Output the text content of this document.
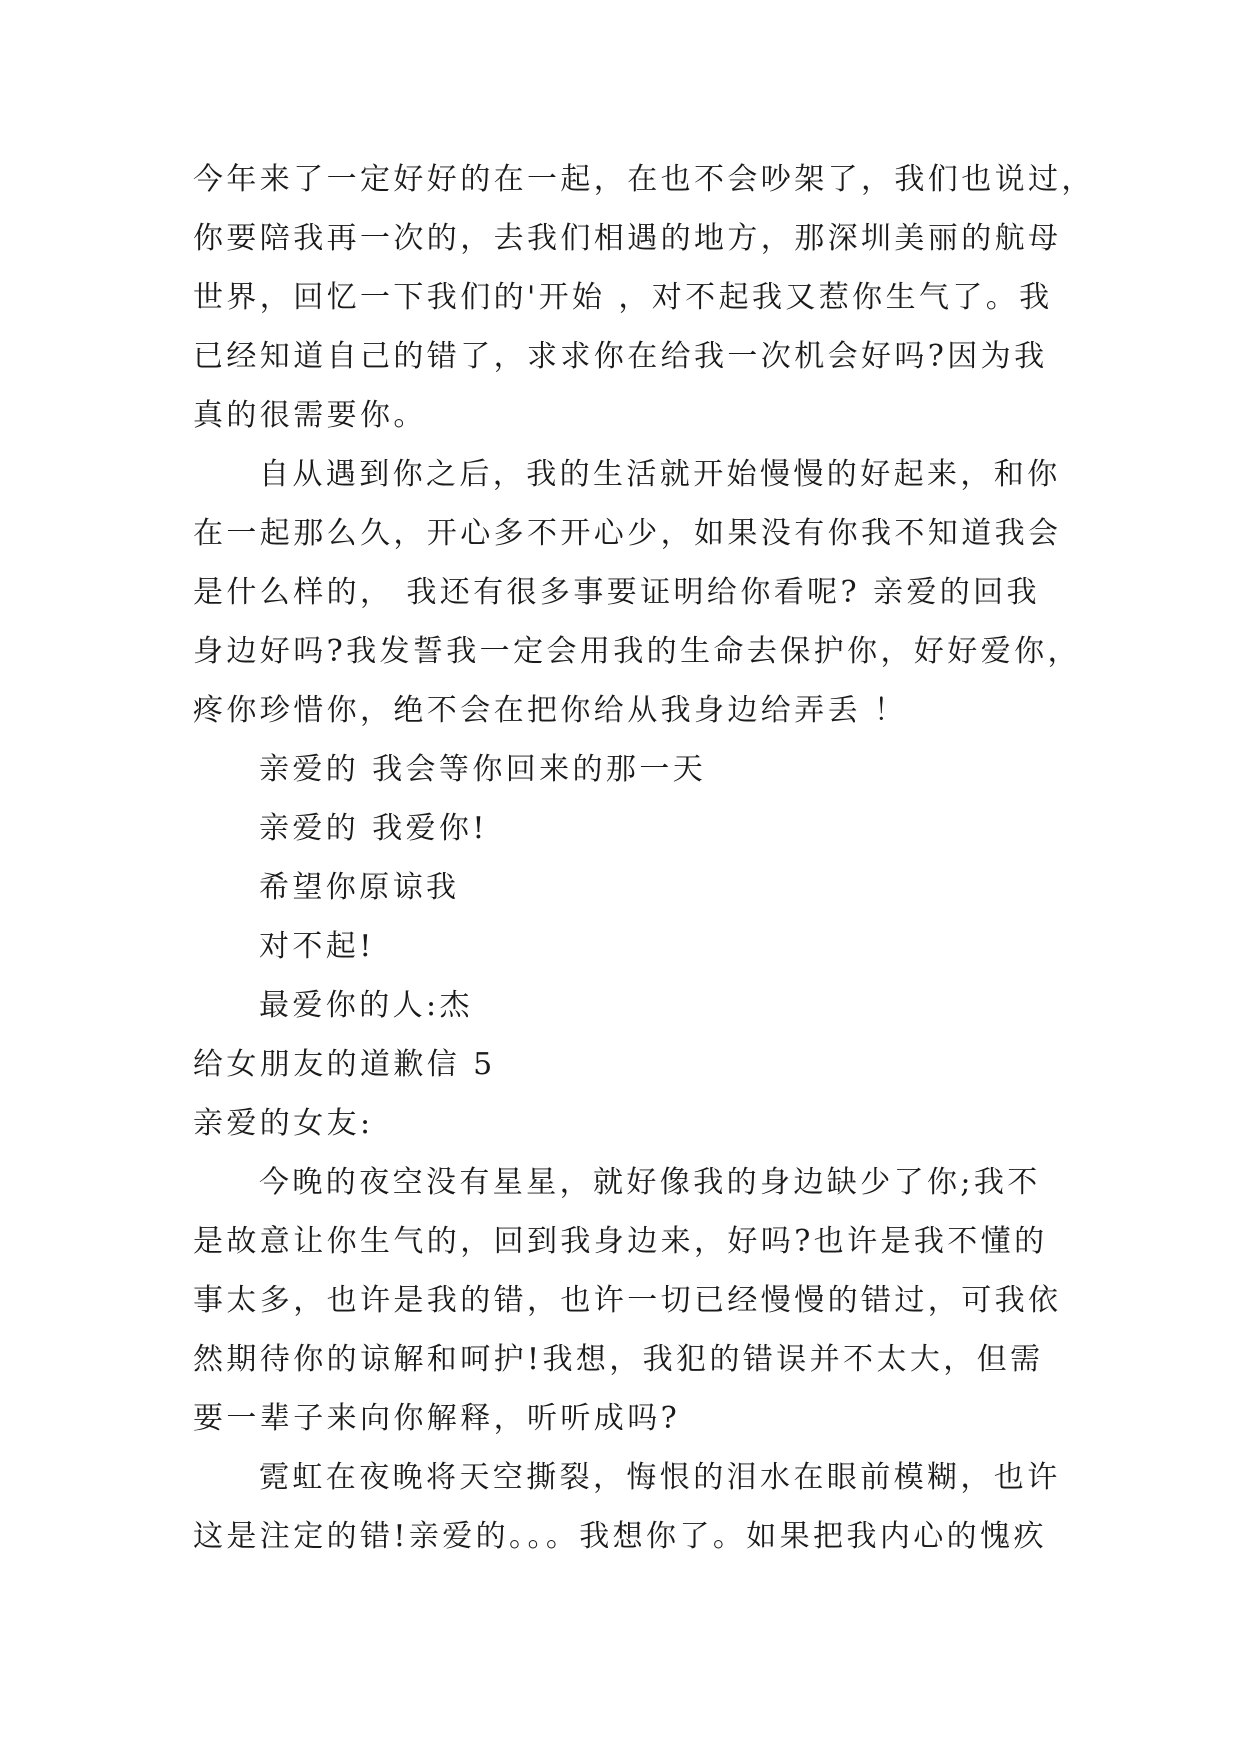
今年来了一定好好的在一起，在也不会吵架了，我们也说过，
你要陪我再一次的，去我们相遇的地方，那深圳美丽的航母
世界，回忆一下我们的'开始 ，对不起我又惹你生气了。我
已经知道自己的错了，求求你在给我一次机会好吗?因为我
真的很需要你。
自从遇到你之后，我的生活就开始慢慢的好起来，和你
在一起那么久，开心多不开心少，如果没有你我不知道我会
是什么样的， 我还有很多事要证明给你看呢? 亲爱的回我
身边好吗?我发誓我一定会用我的生命去保护你，好好爱你，
疼你珍惜你，绝不会在把你给从我身边给弄丢 ！
亲爱的 我会等你回来的那一天
亲爱的 我爱你!
希望你原谅我
对不起!
最爱你的人:杰
给女朋友的道歉信 5
亲爱的女友:
今晚的夜空没有星星，就好像我的身边缺少了你;我不
是故意让你生气的，回到我身边来，好吗?也许是我不懂的
事太多，也许是我的错，也许一切已经慢慢的错过，可我依
然期待你的谅解和呵护!我想，我犯的错误并不太大，但需
要一辈子来向你解释，听听成吗?
霓虹在夜晚将天空撕裂，悔恨的泪水在眼前模糊，也许
这是注定的错!亲爱的。。。我想你了。如果把我内心的愧疚
